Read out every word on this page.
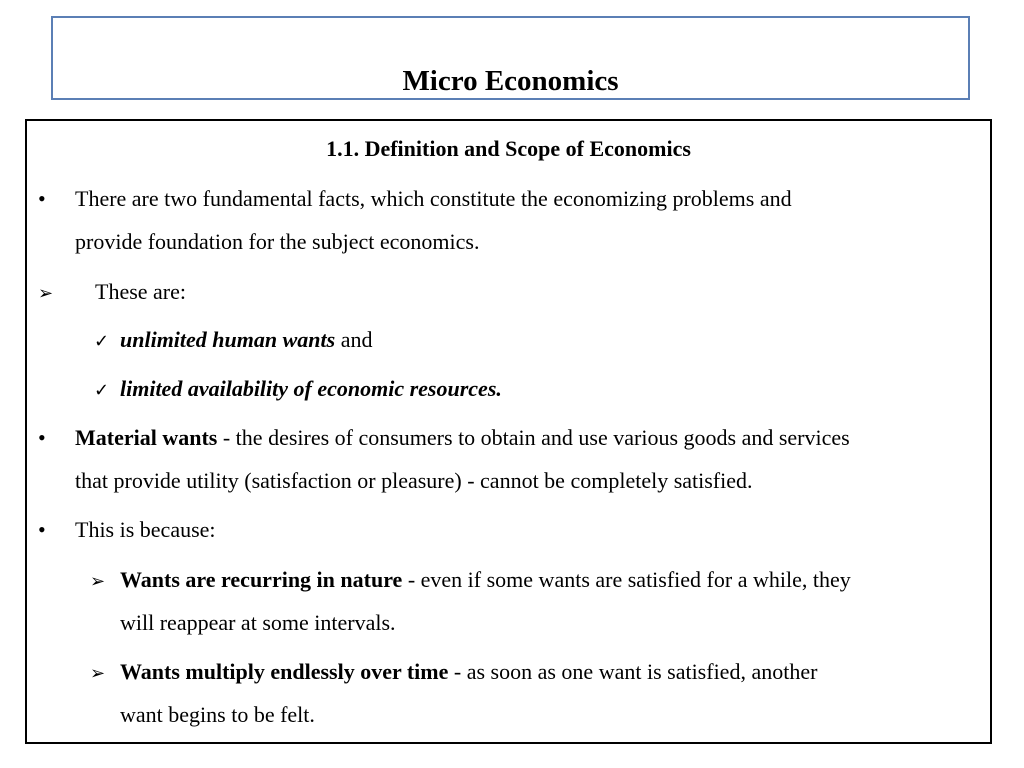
Micro Economics
1.1. Definition and Scope of Economics
• There are two fundamental facts, which constitute the economizing problems and
provide foundation for the subject economics.
➢ These are:
✓ unlimited human wants and
✓ limited availability of economic resources.
• Material wants - the desires of consumers to obtain and use various goods and services
that provide utility (satisfaction or pleasure) - cannot be completely satisfied.
• This is because:
➢ Wants are recurring in nature - even if some wants are satisfied for a while, they
will reappear at some intervals.
➢ Wants multiply endlessly over time - as soon as one want is satisfied, another
want begins to be felt.
